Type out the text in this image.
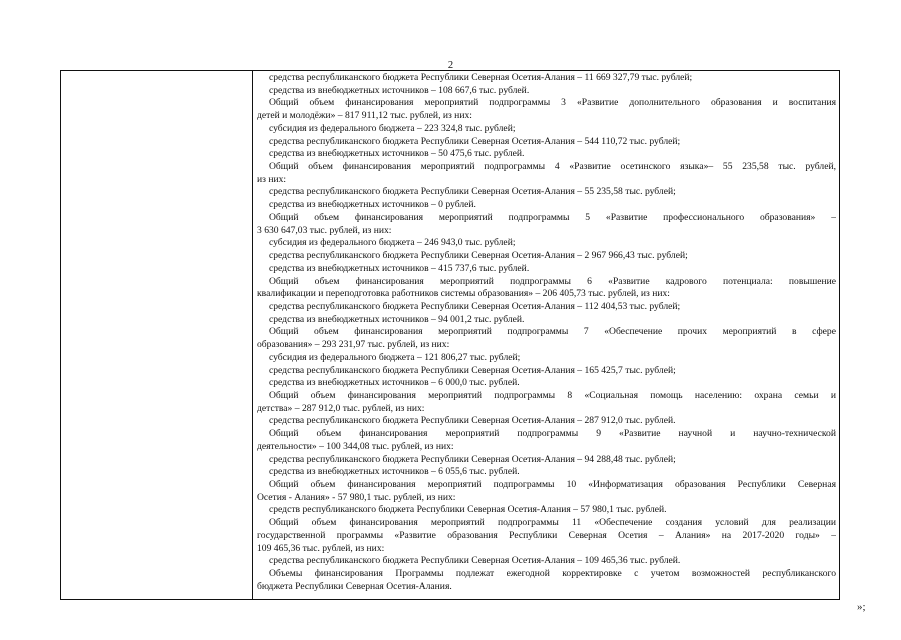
2
средства республиканского бюджета Республики Северная Осетия-Алания – 11 669 327,79 тыс. рублей;
средства из внебюджетных источников – 108 667,6 тыс. рублей.
Общий объем финансирования мероприятий подпрограммы 3 «Развитие дополнительного образования и воспитания
детей и молодёжи» – 817 911,12 тыс. рублей, из них:
субсидия из федерального бюджета – 223 324,8 тыс. рублей;
средства республиканского бюджета Республики Северная Осетия-Алания – 544 110,72 тыс. рублей;
средства из внебюджетных источников – 50 475,6 тыс. рублей.
Общий объем финансирования мероприятий подпрограммы 4 «Развитие осетинского языка»– 55 235,58 тыс. рублей,
из них:
средства республиканского бюджета Республики Северная Осетия-Алания – 55 235,58 тыс. рублей;
средства из внебюджетных источников – 0 рублей.
Общий объем финансирования мероприятий подпрограммы 5 «Развитие профессионального образования» –
3 630 647,03 тыс. рублей, из них:
субсидия из федерального бюджета – 246 943,0 тыс. рублей;
средства республиканского бюджета Республики Северная Осетия-Алания – 2 967 966,43 тыс. рублей;
средства из внебюджетных источников – 415 737,6 тыс. рублей.
Общий объем финансирования мероприятий подпрограммы 6 «Развитие кадрового потенциала: повышение
квалификации и переподготовка работников системы образования» – 206 405,73 тыс. рублей, из них:
средства республиканского бюджета Республики Северная Осетия-Алания – 112 404,53 тыс. рублей;
средства из внебюджетных источников – 94 001,2 тыс. рублей.
Общий объем финансирования мероприятий подпрограммы 7 «Обеспечение прочих мероприятий в сфере
образования» – 293 231,97 тыс. рублей, из них:
субсидия из федерального бюджета – 121 806,27 тыс. рублей;
средства республиканского бюджета Республики Северная Осетия-Алания – 165 425,7 тыс. рублей;
средства из внебюджетных источников – 6 000,0 тыс. рублей.
Общий объем финансирования мероприятий подпрограммы 8 «Социальная помощь населению: охрана семьи и
детства» – 287 912,0 тыс. рублей, из них:
средства республиканского бюджета Республики Северная Осетия-Алания – 287 912,0 тыс. рублей.
Общий объем финансирования мероприятий подпрограммы 9 «Развитие научной и научно-технической
деятельности» – 100 344,08 тыс. рублей, из них:
средства республиканского бюджета Республики Северная Осетия-Алания – 94 288,48 тыс. рублей;
средства из внебюджетных источников – 6 055,6 тыс. рублей.
Общий объем финансирования мероприятий подпрограммы 10 «Информатизация образования Республики Северная
Осетия - Алания» - 57 980,1 тыс. рублей, из них:
средств республиканского бюджета Республики Северная Осетия-Алания – 57 980,1 тыс. рублей.
Общий объем финансирования мероприятий подпрограммы 11 «Обеспечение создания условий для реализации
государственной программы «Развитие образования Республики Северная Осетия – Алания» на 2017-2020 годы» –
109 465,36 тыс. рублей, из них:
средства республиканского бюджета Республики Северная Осетия-Алания – 109 465,36 тыс. рублей.
Объемы финансирования Программы подлежат ежегодной корректировке с учетом возможностей республиканского
бюджета Республики Северная Осетия-Алания.
»;
